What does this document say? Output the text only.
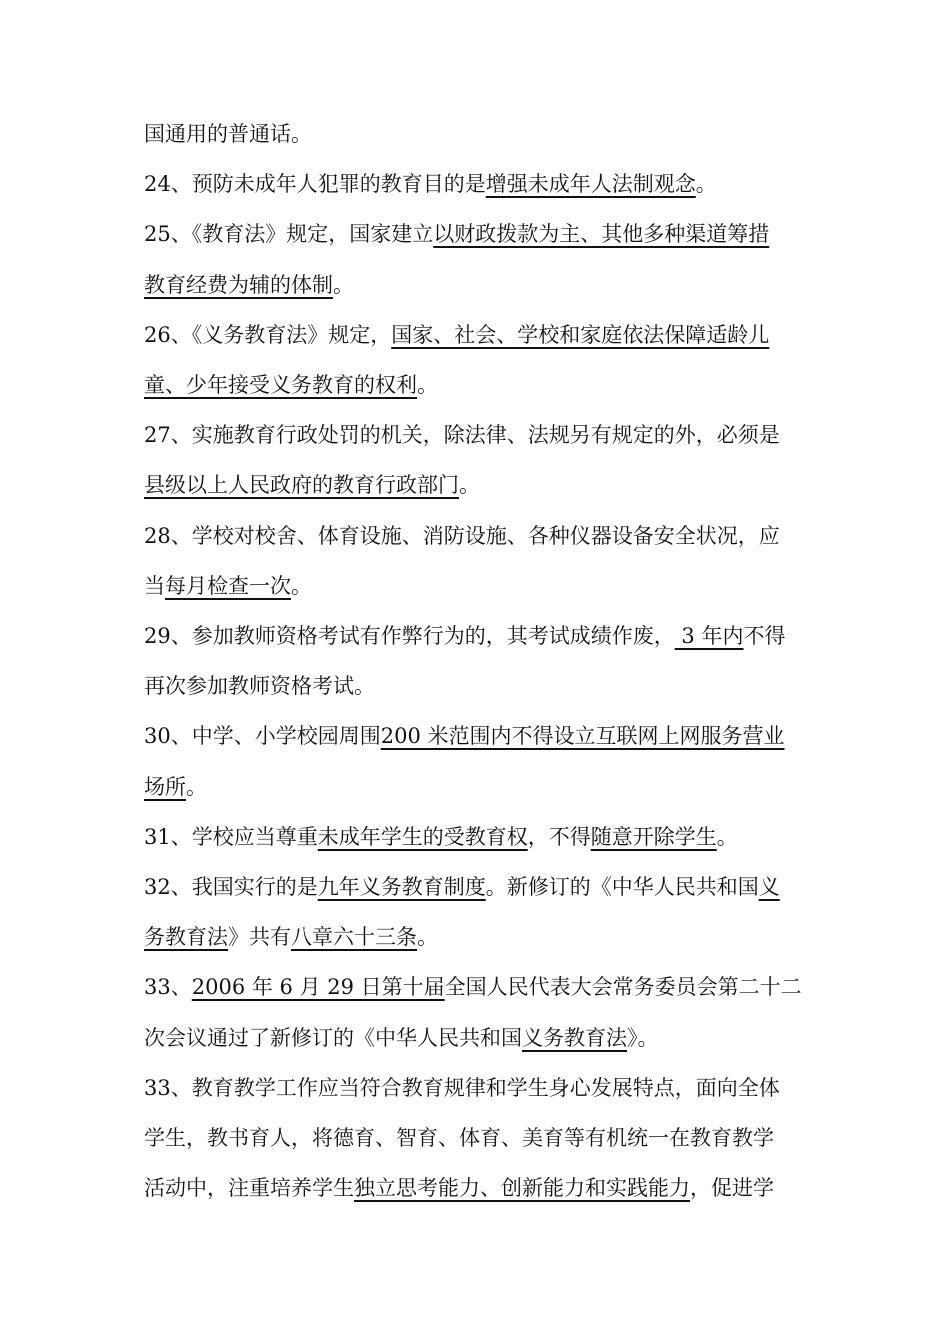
国通用的普通话。
24、预防未成年人犯罪的教育目的是增强未成年人法制观念。
25、《教育法》规定，国家建立以财政拨款为主、其他多种渠道筹措
教育经费为辅的体制。
26、《义务教育法》规定，国家、社会、学校和家庭依法保障适龄儿
童、少年接受义务教育的权利。
27、实施教育行政处罚的机关，除法律、法规另有规定的外，必须是
县级以上人民政府的教育行政部门。
28、学校对校舍、体育设施、消防设施、各种仪器设备安全状况，应
当每月检查一次。
29、参加教师资格考试有作弊行为的，其考试成绩作废， 3 年内不得
再次参加教师资格考试。
30、中学、小学校园周围200 米范围内不得设立互联网上网服务营业
场所。
31、学校应当尊重未成年学生的受教育权，不得随意开除学生。
32、我国实行的是九年义务教育制度。新修订的《中华人民共和国义
务教育法》共有八章六十三条。
33、2006 年 6 月 29 日第十届全国人民代表大会常务委员会第二十二
次会议通过了新修订的《中华人民共和国义务教育法》。
33、教育教学工作应当符合教育规律和学生身心发展特点，面向全体
学生，教书育人，将德育、智育、体育、美育等有机统一在教育教学
活动中，注重培养学生独立思考能力、创新能力和实践能力，促进学
